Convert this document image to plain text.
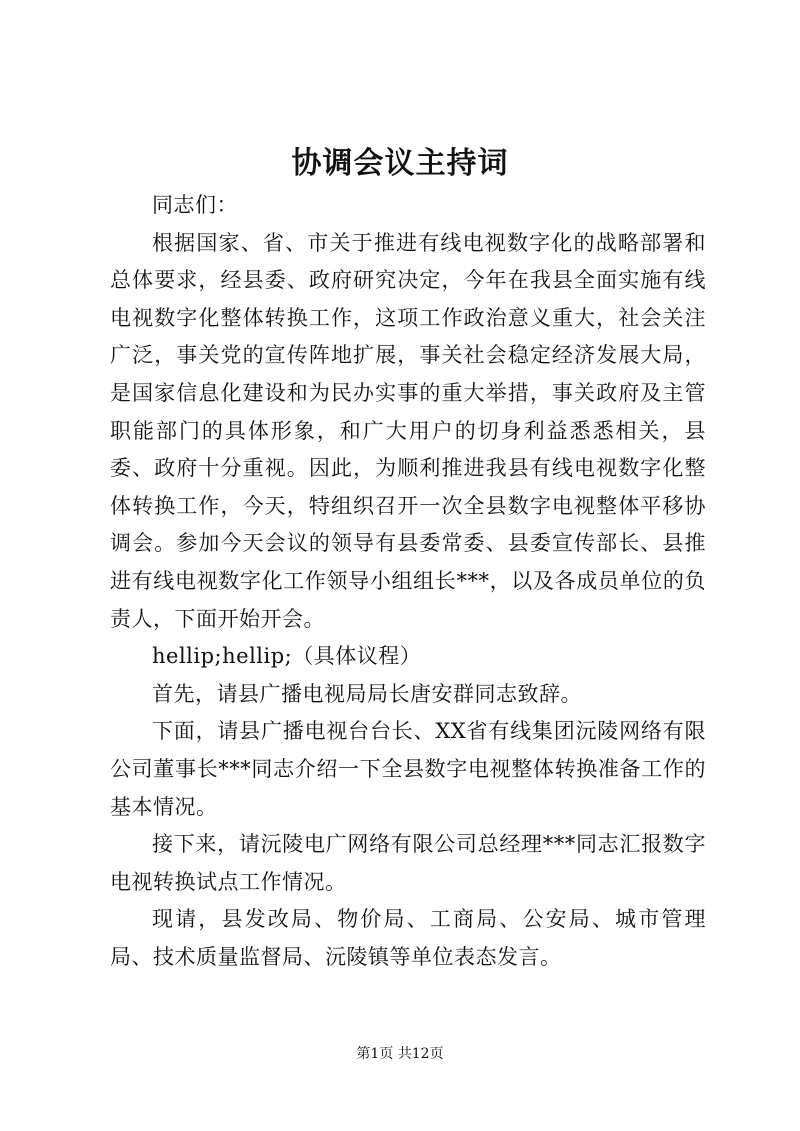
协调会议主持词

同志们：

根据国家、省、市关于推进有线电视数字化的战略部署和总体要求，经县委、政府研究决定，今年在我县全面实施有线电视数字化整体转换工作，这项工作政治意义重大，社会关注广泛，事关党的宣传阵地扩展，事关社会稳定经济发展大局，是国家信息化建设和为民办实事的重大举措，事关政府及主管职能部门的具体形象，和广大用户的切身利益悉悉相关，县委、政府十分重视。因此，为顺利推进我县有线电视数字化整体转换工作，今天，特组织召开一次全县数字电视整体平移协调会。参加今天会议的领导有县委常委、县委宣传部长、县推进有线电视数字化工作领导小组组长***，以及各成员单位的负责人，下面开始开会。

hellip;hellip;（具体议程）

首先，请县广播电视局局长唐安群同志致辞。

下面，请县广播电视台台长、XX省有线集团沅陵网络有限公司董事长***同志介绍一下全县数字电视整体转换准备工作的基本情况。

接下来，请沅陵电广网络有限公司总经理***同志汇报数字电视转换试点工作情况。

现请，县发改局、物价局、工商局、公安局、城市管理局、技术质量监督局、沅陵镇等单位表态发言。

第1页 共12页
